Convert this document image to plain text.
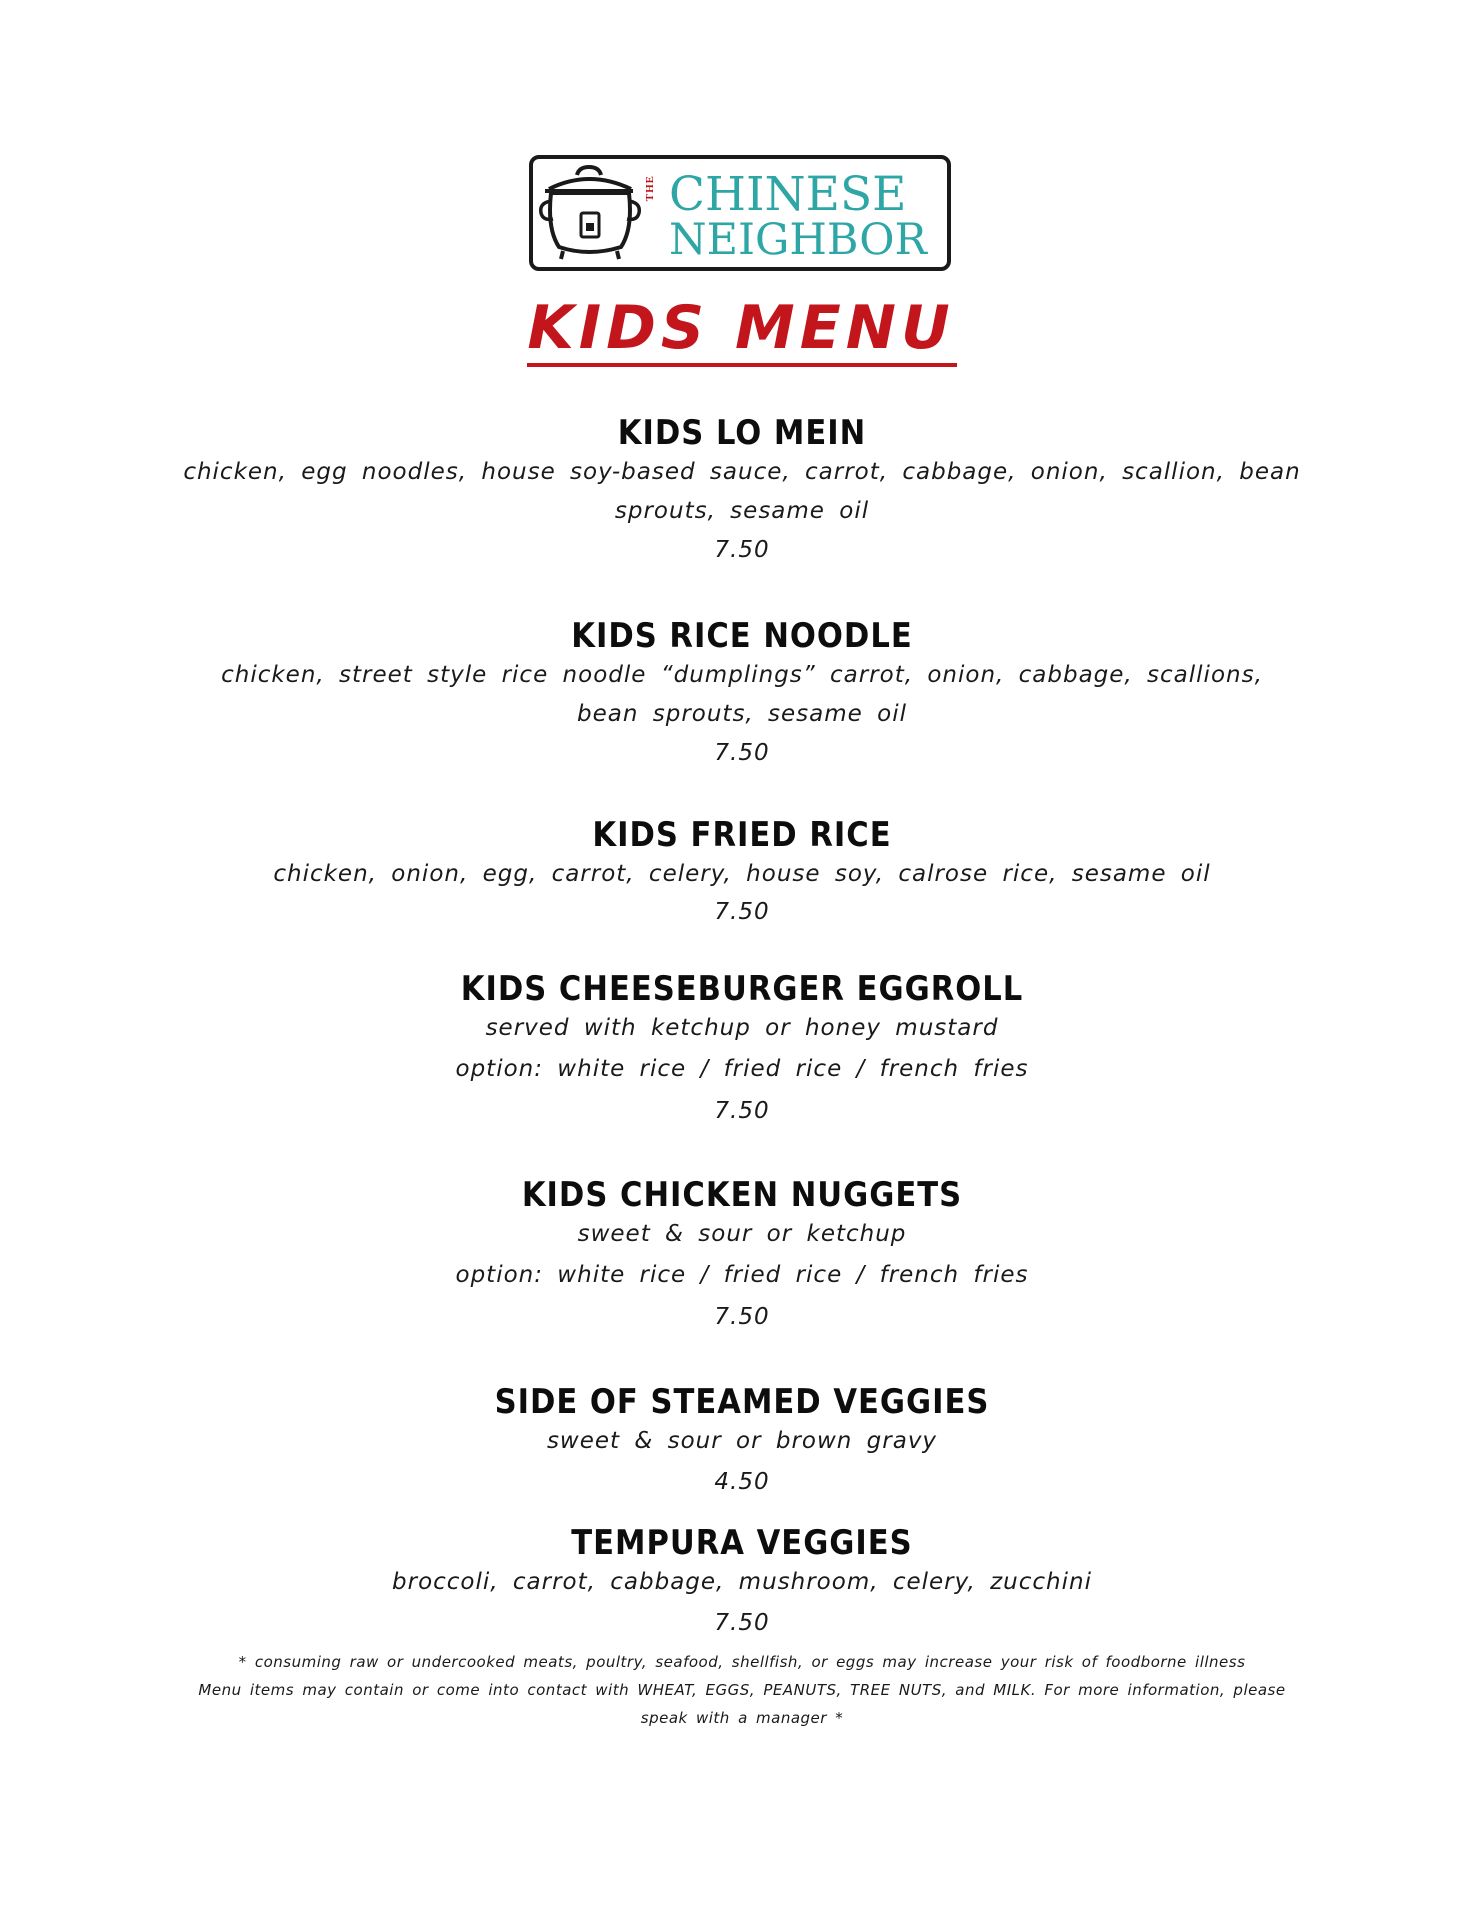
THE CHINESE
NEIGHBOR
KIDS MENU
KIDS LO MEIN
chicken, egg noodles, house soy-based sauce, carrot, cabbage, onion, scallion, bean sprouts, sesame oil
7.50
KIDS RICE NOODLE
chicken, street style rice noodle “dumplings” carrot, onion, cabbage, scallions, bean sprouts, sesame oil
7.50
KIDS FRIED RICE
chicken, onion, egg, carrot, celery, house soy, calrose rice, sesame oil
7.50
KIDS CHEESEBURGER EGGROLL
served with ketchup or honey mustard
option: white rice / fried rice / french fries
7.50
KIDS CHICKEN NUGGETS
sweet & sour or ketchup
option: white rice / fried rice / french fries
7.50
SIDE OF STEAMED VEGGIES
sweet & sour or brown gravy
4.50
TEMPURA VEGGIES
broccoli, carrot, cabbage, mushroom, celery, zucchini
7.50
* consuming raw or undercooked meats, poultry, seafood, shellfish, or eggs may increase your risk of foodborne illness
Menu items may contain or come into contact with WHEAT, EGGS, PEANUTS, TREE NUTS, and MILK. For more information, please speak with a manager *
